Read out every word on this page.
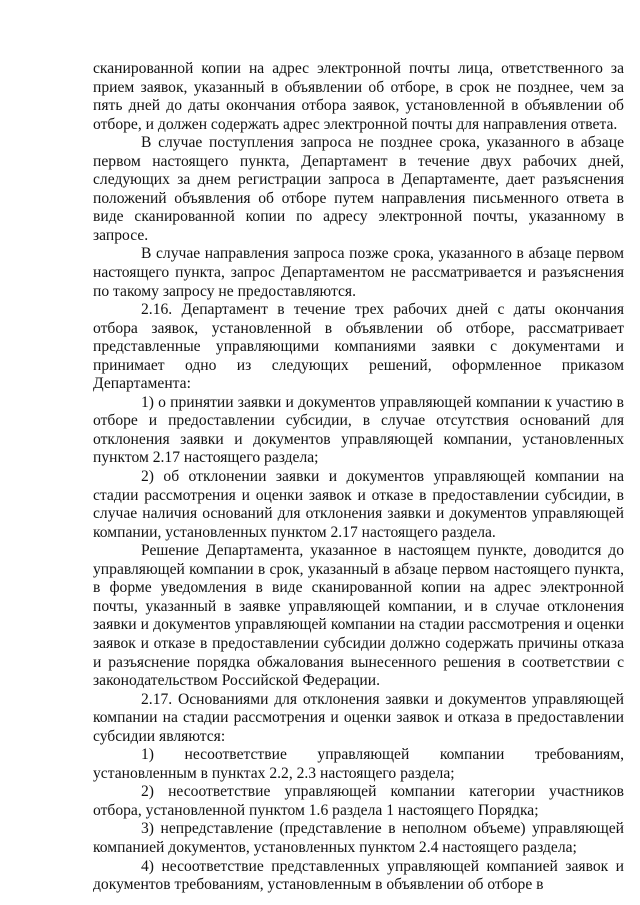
сканированной копии на адрес электронной почты лица, ответственного за прием заявок, указанный в объявлении об отборе, в срок не позднее, чем за пять дней до даты окончания отбора заявок, установленной в объявлении об отборе, и должен содержать адрес электронной почты для направления ответа.

В случае поступления запроса не позднее срока, указанного в абзаце первом настоящего пункта, Департамент в течение двух рабочих дней, следующих за днем регистрации запроса в Департаменте, дает разъяснения положений объявления об отборе путем направления письменного ответа в виде сканированной копии по адресу электронной почты, указанному в запросе.

В случае направления запроса позже срока, указанного в абзаце первом настоящего пункта, запрос Департаментом не рассматривается и разъяснения по такому запросу не предоставляются.

2.16. Департамент в течение трех рабочих дней с даты окончания отбора заявок, установленной в объявлении об отборе, рассматривает представленные управляющими компаниями заявки с документами и принимает одно из следующих решений, оформленное приказом Департамента:

1) о принятии заявки и документов управляющей компании к участию в отборе и предоставлении субсидии, в случае отсутствия оснований для отклонения заявки и документов управляющей компании, установленных пунктом 2.17 настоящего раздела;

2) об отклонении заявки и документов управляющей компании на стадии рассмотрения и оценки заявок и отказе в предоставлении субсидии, в случае наличия оснований для отклонения заявки и документов управляющей компании, установленных пунктом 2.17 настоящего раздела.

Решение Департамента, указанное в настоящем пункте, доводится до управляющей компании в срок, указанный в абзаце первом настоящего пункта, в форме уведомления в виде сканированной копии на адрес электронной почты, указанный в заявке управляющей компании, и в случае отклонения заявки и документов управляющей компании на стадии рассмотрения и оценки заявок и отказе в предоставлении субсидии должно содержать причины отказа и разъяснение порядка обжалования вынесенного решения в соответствии с законодательством Российской Федерации.

2.17. Основаниями для отклонения заявки и документов управляющей компании на стадии рассмотрения и оценки заявок и отказа в предоставлении субсидии являются:

1) несоответствие управляющей компании требованиям, установленным в пунктах 2.2, 2.3 настоящего раздела;

2) несоответствие управляющей компании категории участников отбора, установленной пунктом 1.6 раздела 1 настоящего Порядка;

3) непредставление (представление в неполном объеме) управляющей компанией документов, установленных пунктом 2.4 настоящего раздела;

4) несоответствие представленных управляющей компанией заявок и документов требованиям, установленным в объявлении об отборе в
